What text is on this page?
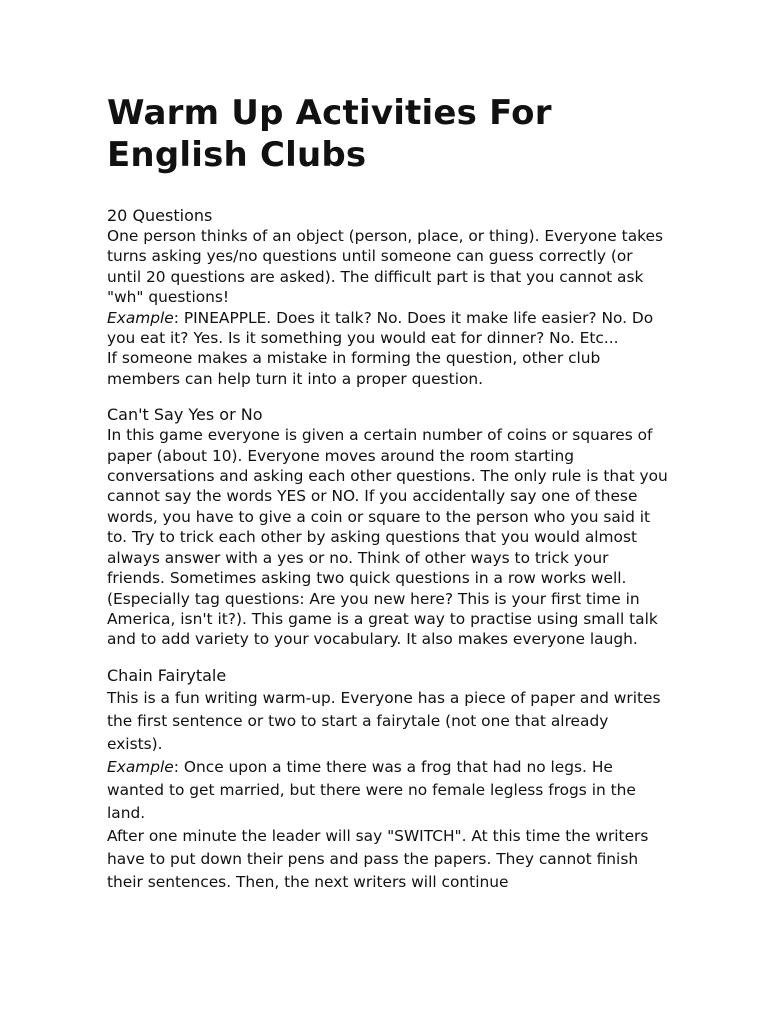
Warm Up Activities For English Clubs
20 Questions

One person thinks of an object (person, place, or thing). Everyone takes turns asking yes/no questions until someone can guess correctly (or until 20 questions are asked). The difficult part is that you cannot ask "wh" questions!

Example: PINEAPPLE. Does it talk? No. Does it make life easier? No. Do you eat it? Yes. Is it something you would eat for dinner? No. Etc...

If someone makes a mistake in forming the question, other club members can help turn it into a proper question.

Can't Say Yes or No

In this game everyone is given a certain number of coins or squares of paper (about 10). Everyone moves around the room starting conversations and asking each other questions. The only rule is that you cannot say the words YES or NO. If you accidentally say one of these words, you have to give a coin or square to the person who you said it to. Try to trick each other by asking questions that you would almost always answer with a yes or no. Think of other ways to trick your friends. Sometimes asking two quick questions in a row works well. (Especially tag questions: Are you new here? This is your first time in America, isn't it?). This game is a great way to practise using small talk and to add variety to your vocabulary. It also makes everyone laugh.

Chain Fairytale

This is a fun writing warm-up. Everyone has a piece of paper and writes the first sentence or two to start a fairytale (not one that already exists).

Example: Once upon a time there was a frog that had no legs. He wanted to get married, but there were no female legless frogs in the land.

After one minute the leader will say "SWITCH". At this time the writers have to put down their pens and pass the papers. They cannot finish their sentences. Then, the next writers will continue
